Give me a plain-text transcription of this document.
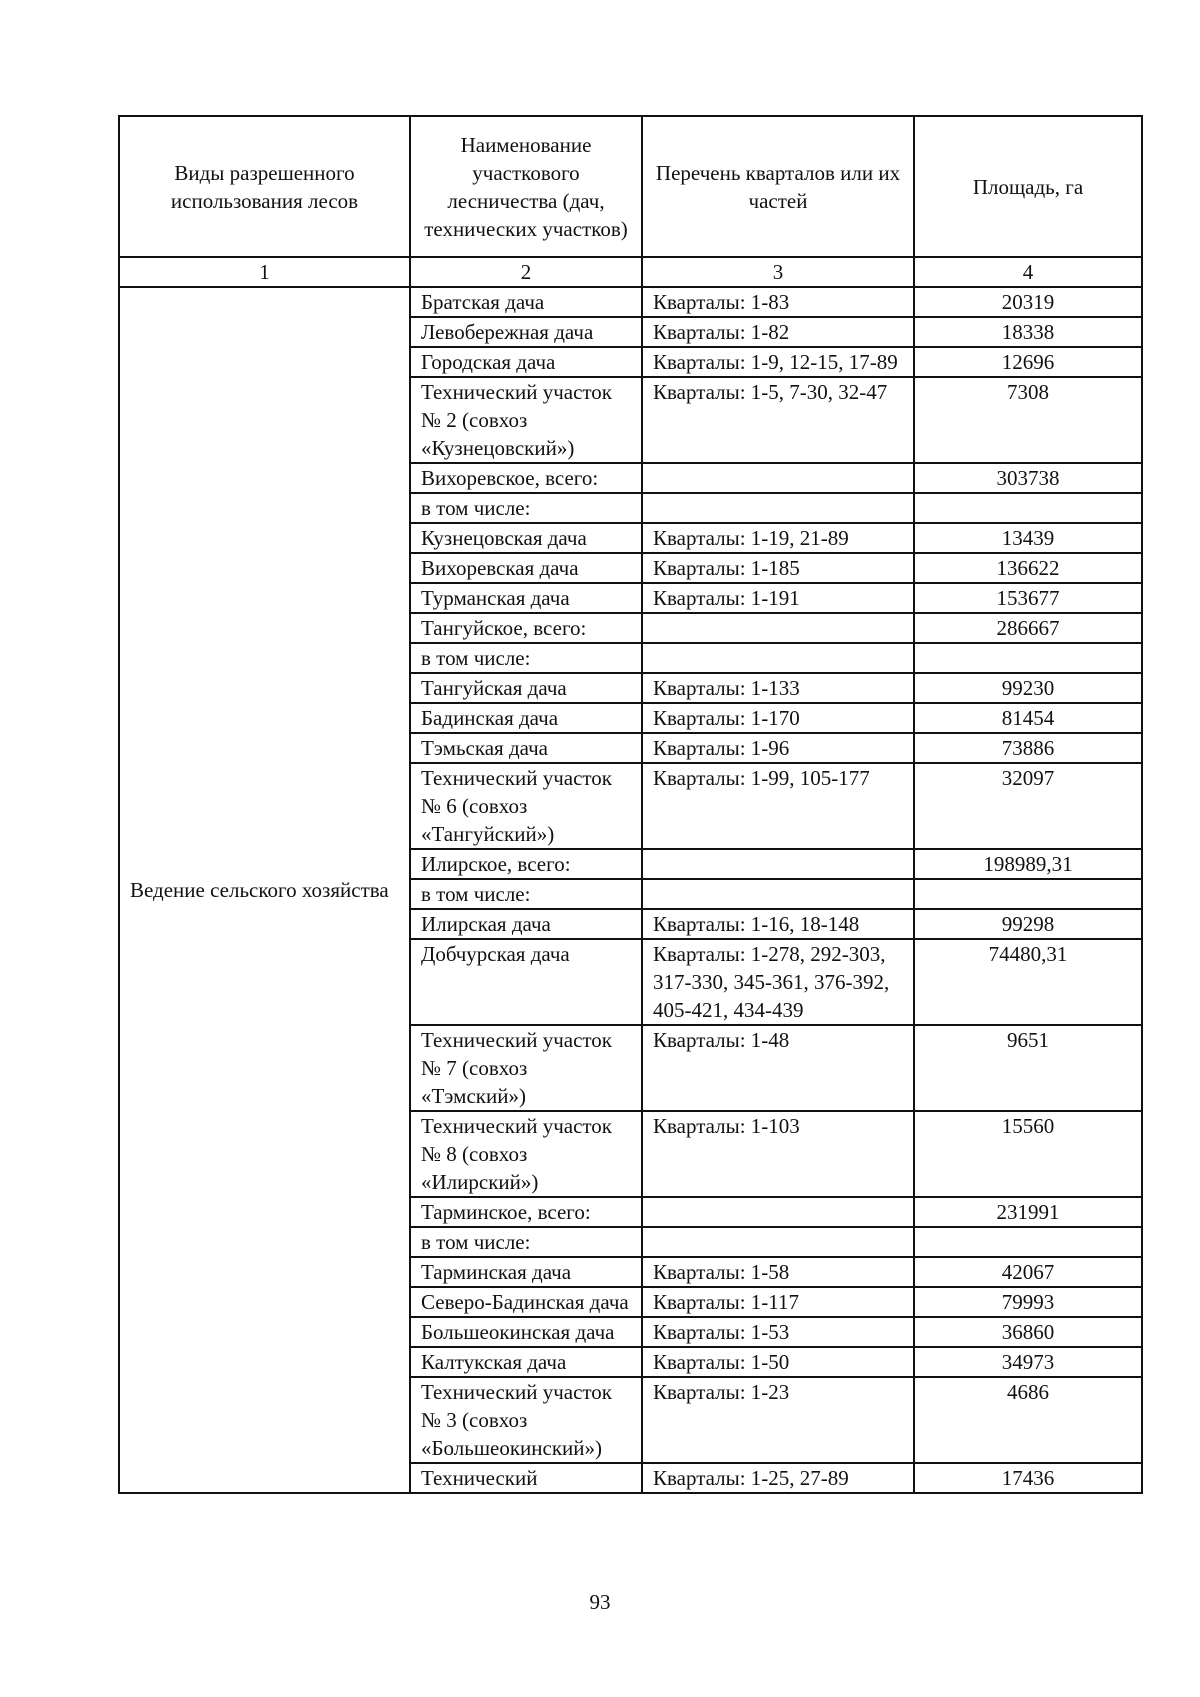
Виды разрешенного использования лесов	Наименование участкового лесничества (дач, технических участков)	Перечень кварталов или их частей	Площадь, га
1	2	3	4
Ведение сельского хозяйства	Братская дача	Кварталы: 1-83	20319
	Левобережная дача	Кварталы: 1-82	18338
	Городская дача	Кварталы: 1-9, 12-15, 17-89	12696
	Технический участок № 2 (совхоз «Кузнецовский»)	Кварталы: 1-5, 7-30, 32-47	7308
	Вихоревское, всего:		303738
	в том числе:		
	Кузнецовская дача	Кварталы: 1-19, 21-89	13439
	Вихоревская дача	Кварталы: 1-185	136622
	Турманская дача	Кварталы: 1-191	153677
	Тангуйское, всего:		286667
	в том числе:		
	Тангуйская дача	Кварталы: 1-133	99230
	Бадинская дача	Кварталы: 1-170	81454
	Тэмьская дача	Кварталы: 1-96	73886
	Технический участок № 6 (совхоз «Тангуйский»)	Кварталы: 1-99, 105-177	32097
	Илирское, всего:		198989,31
	в том числе:		
	Илирская дача	Кварталы: 1-16, 18-148	99298
	Добчурская дача	Кварталы: 1-278, 292-303, 317-330, 345-361, 376-392, 405-421, 434-439	74480,31
	Технический участок № 7 (совхоз «Тэмский»)	Кварталы: 1-48	9651
	Технический участок № 8 (совхоз «Илирский»)	Кварталы: 1-103	15560
	Тарминское, всего:		231991
	в том числе:		
	Тарминская дача	Кварталы: 1-58	42067
	Северо-Бадинская дача	Кварталы: 1-117	79993
	Большеокинская дача	Кварталы: 1-53	36860
	Калтукская дача	Кварталы: 1-50	34973
	Технический участок № 3 (совхоз «Большеокинский»)	Кварталы: 1-23	4686
	Технический	Кварталы: 1-25, 27-89	17436
93
